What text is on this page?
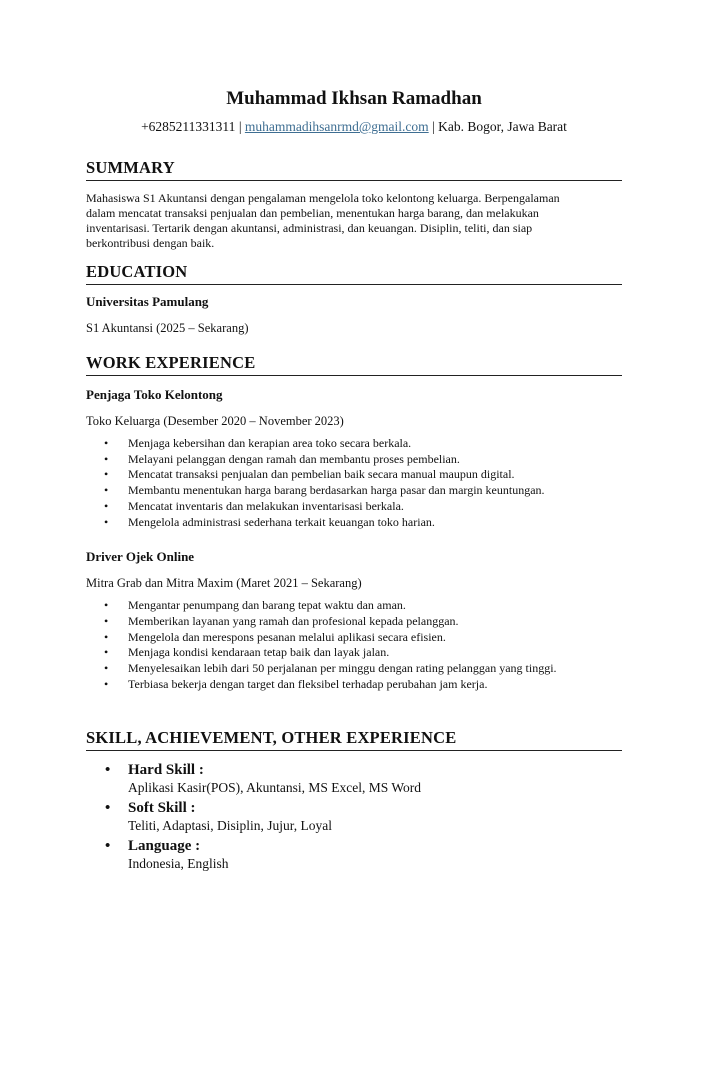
Muhammad Ikhsan Ramadhan
+6285211331311 | muhammadihsanrmd@gmail.com | Kab. Bogor, Jawa Barat
SUMMARY
Mahasiswa S1 Akuntansi dengan pengalaman mengelola toko kelontong keluarga. Berpengalaman
dalam mencatat transaksi penjualan dan pembelian, menentukan harga barang, dan melakukan
inventarisasi. Tertarik dengan akuntansi, administrasi, dan keuangan. Disiplin, teliti, dan siap
berkontribusi dengan baik.
EDUCATION
Universitas Pamulang
S1 Akuntansi (2025 – Sekarang)
WORK EXPERIENCE
Penjaga Toko Kelontong
Toko Keluarga (Desember 2020 – November 2023)
• Menjaga kebersihan dan kerapian area toko secara berkala.
• Melayani pelanggan dengan ramah dan membantu proses pembelian.
• Mencatat transaksi penjualan dan pembelian baik secara manual maupun digital.
• Membantu menentukan harga barang berdasarkan harga pasar dan margin keuntungan.
• Mencatat inventaris dan melakukan inventarisasi berkala.
• Mengelola administrasi sederhana terkait keuangan toko harian.
Driver Ojek Online
Mitra Grab dan Mitra Maxim (Maret 2021 – Sekarang)
• Mengantar penumpang dan barang tepat waktu dan aman.
• Memberikan layanan yang ramah dan profesional kepada pelanggan.
• Mengelola dan merespons pesanan melalui aplikasi secara efisien.
• Menjaga kondisi kendaraan tetap baik dan layak jalan.
• Menyelesaikan lebih dari 50 perjalanan per minggu dengan rating pelanggan yang tinggi.
• Terbiasa bekerja dengan target dan fleksibel terhadap perubahan jam kerja.
SKILL, ACHIEVEMENT, OTHER EXPERIENCE
• Hard Skill :
Aplikasi Kasir(POS), Akuntansi, MS Excel, MS Word
• Soft Skill :
Teliti, Adaptasi, Disiplin, Jujur, Loyal
• Language :
Indonesia, English
